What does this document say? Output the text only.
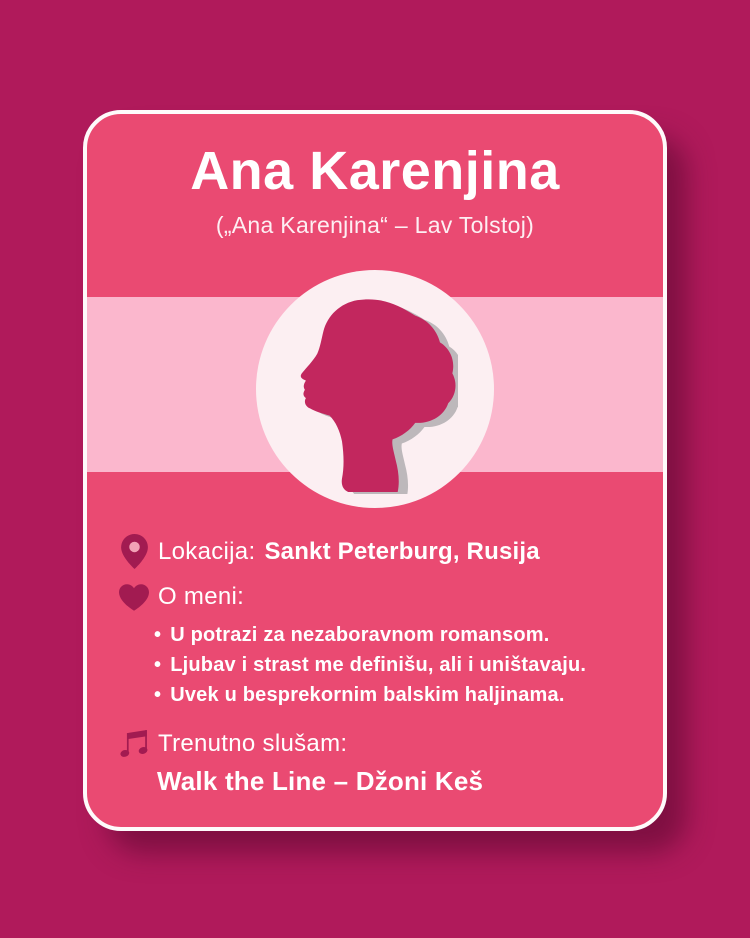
Ana Karenjina
(„Ana Karenjina“ – Lav Tolstoj)
Lokacija: Sankt Peterburg, Rusija
O meni:
• U potrazi za nezaboravnom romansom.
• Ljubav i strast me definišu, ali i uništavaju.
• Uvek u besprekornim balskim haljinama.
Trenutno slušam:
Walk the Line – Džoni Keš
